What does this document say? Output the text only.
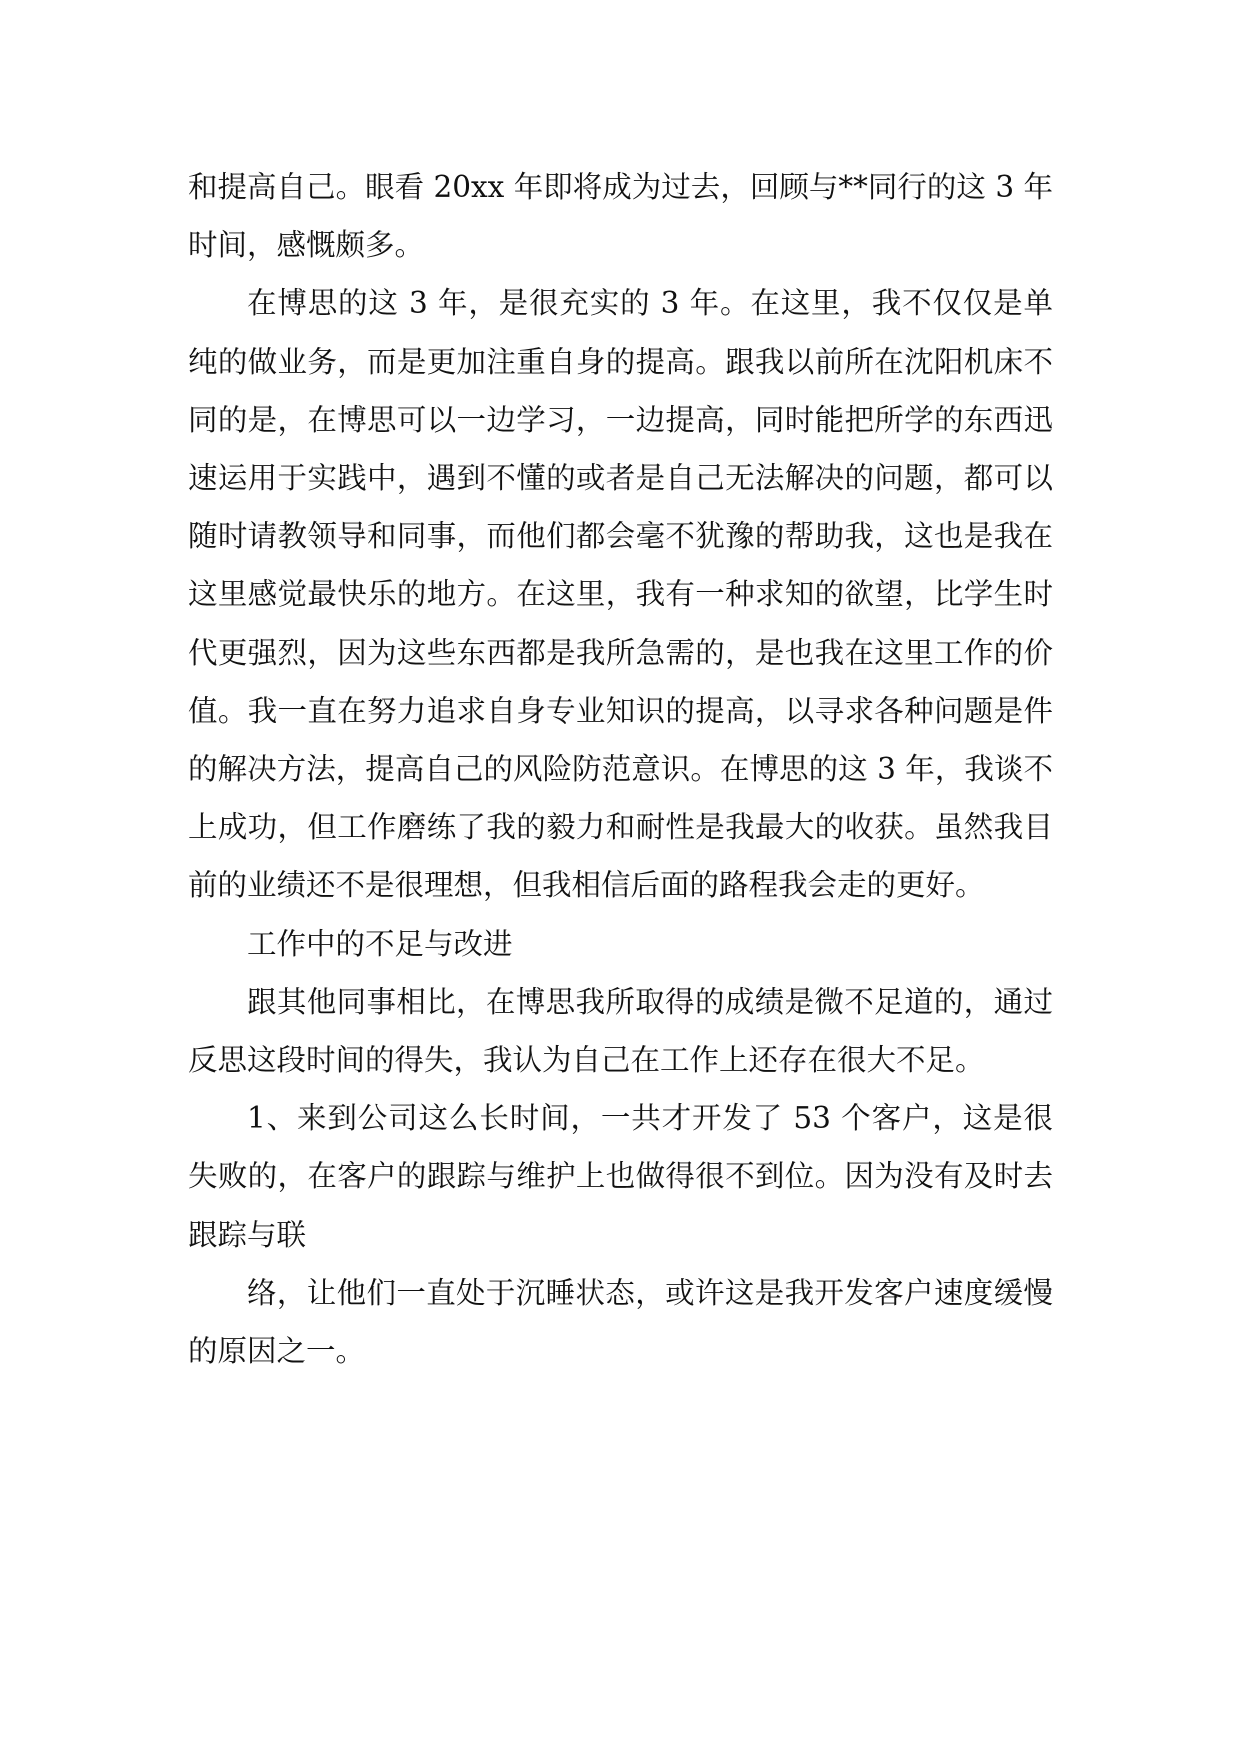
和提高自己。眼看 20xx 年即将成为过去，回顾与**同行的这 3 年时间，感慨颇多。

在博思的这 3 年，是很充实的 3 年。在这里，我不仅仅是单纯的做业务，而是更加注重自身的提高。跟我以前所在沈阳机床不同的是，在博思可以一边学习，一边提高，同时能把所学的东西迅速运用于实践中，遇到不懂的或者是自己无法解决的问题，都可以随时请教领导和同事，而他们都会毫不犹豫的帮助我，这也是我在这里感觉最快乐的地方。在这里，我有一种求知的欲望，比学生时代更强烈，因为这些东西都是我所急需的，是也我在这里工作的价值。我一直在努力追求自身专业知识的提高，以寻求各种问题是件的解决方法，提高自己的风险防范意识。在博思的这 3 年，我谈不上成功，但工作磨练了我的毅力和耐性是我最大的收获。虽然我目前的业绩还不是很理想，但我相信后面的路程我会走的更好。

工作中的不足与改进

跟其他同事相比，在博思我所取得的成绩是微不足道的，通过反思这段时间的得失，我认为自己在工作上还存在很大不足。

1、来到公司这么长时间，一共才开发了 53 个客户，这是很失败的，在客户的跟踪与维护上也做得很不到位。因为没有及时去跟踪与联

络，让他们一直处于沉睡状态，或许这是我开发客户速度缓慢的原因之一。
